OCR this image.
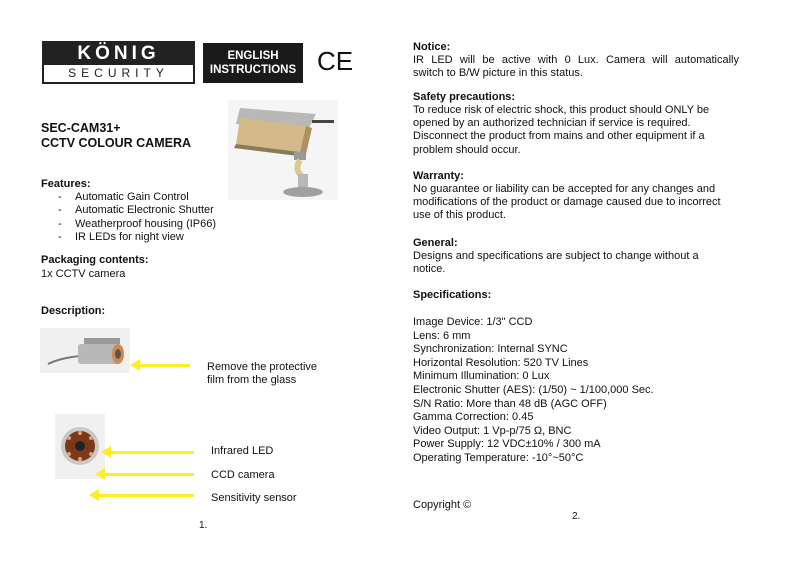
KÖNIG
SECURITY
ENGLISH
INSTRUCTIONS CE
SEC-CAM31+
CCTV COLOUR CAMERA
Features:
- Automatic Gain Control
- Automatic Electronic Shutter
- Weatherproof housing (IP66)
- IR LEDs for night view
Packaging contents:
1x CCTV camera
Description:
Remove the protective
film from the glass
Infrared LED
CCD camera
Sensitivity sensor
1.
Notice:
IR LED will be active with 0 Lux. Camera will automatically
switch to B/W picture in this status.
Safety precautions:
To reduce risk of electric shock, this product should ONLY be
opened by an authorized technician if service is required.
Disconnect the product from mains and other equipment if a
problem should occur.
Warranty:
No guarantee or liability can be accepted for any changes and
modifications of the product or damage caused due to incorrect
use of this product.
General:
Designs and specifications are subject to change without a
notice.
Specifications:
Image Device: 1/3" CCD
Lens: 6 mm
Synchronization: Internal SYNC
Horizontal Resolution: 520 TV Lines
Minimum Illumination: 0 Lux
Electronic Shutter (AES): (1/50) ~ 1/100,000 Sec.
S/N Ratio: More than 48 dB (AGC OFF)
Gamma Correction: 0.45
Video Output: 1 Vp-p/75 Ω, BNC
Power Supply: 12 VDC±10% / 300 mA
Operating Temperature: -10°~50°C
Copyright ©
2.
